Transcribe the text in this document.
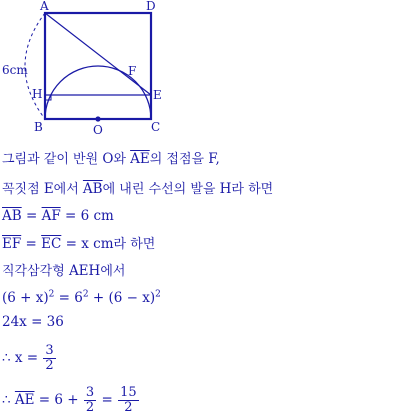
A	D
B	C
E
F
H
O
6cm
그림과 같이 반원 O와 $\overline{AE}$의 접점을 F,
꼭짓점 E에서 $\overline{AB}$에 내린 수선의 발을 H라 하면
$\overline{AB} = \overline{AF} = 6$ cm
$\overline{EF} = \overline{EC} = x$ cm라 하면
직각삼각형 AEH에서
$(6 + x)^2 = 6^2 + (6 - x)^2$
24x = 36
∴ $x = \frac{3}{2}$
∴ $\overline{AE} = 6 + \frac{3}{2} = \frac{15}{2}$
